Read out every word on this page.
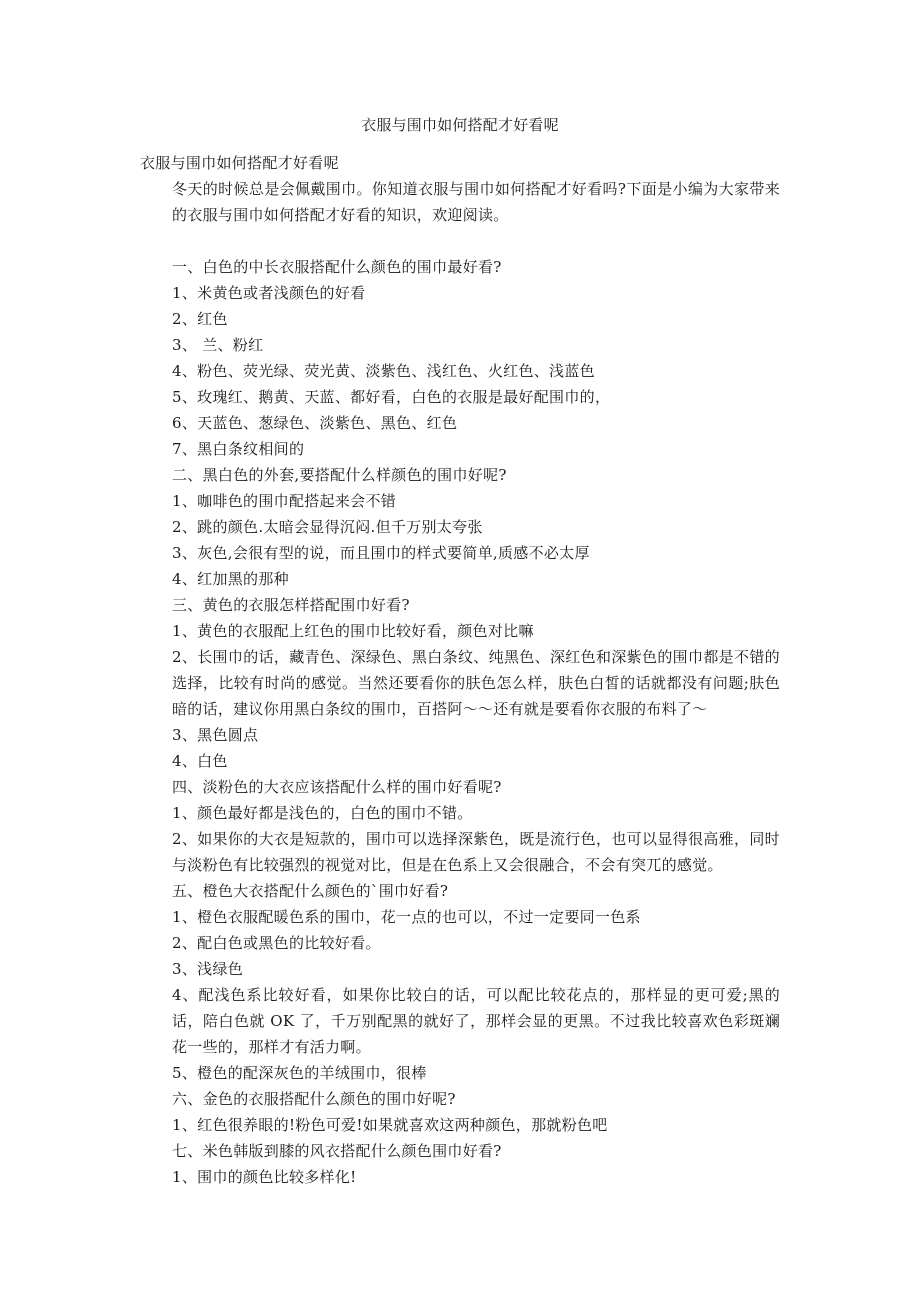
衣服与围巾如何搭配才好看呢
衣服与围巾如何搭配才好看呢
冬天的时候总是会佩戴围巾。你知道衣服与围巾如何搭配才好看吗?下面是小编为大家带来的衣服与围巾如何搭配才好看的知识，欢迎阅读。
一、白色的中长衣服搭配什么颜色的围巾最好看?
1、米黄色或者浅颜色的好看
2、红色
3、 兰、粉红
4、粉色、荧光绿、荧光黄、淡紫色、浅红色、火红色、浅蓝色
5、玫瑰红、鹅黄、天蓝、都好看，白色的衣服是最好配围巾的，
6、天蓝色、葱绿色、淡紫色、黑色、红色
7、黑白条纹相间的
二、黑白色的外套,要搭配什么样颜色的围巾好呢?
1、咖啡色的围巾配搭起来会不错
2、跳的颜色.太暗会显得沉闷.但千万别太夸张
3、灰色,会很有型的说，而且围巾的样式要简单,质感不必太厚
4、红加黑的那种
三、黄色的衣服怎样搭配围巾好看?
1、黄色的衣服配上红色的围巾比较好看，颜色对比嘛
2、长围巾的话，藏青色、深绿色、黑白条纹、纯黑色、深红色和深紫色的围巾都是不错的选择，比较有时尚的感觉。当然还要看你的肤色怎么样，肤色白皙的话就都没有问题;肤色暗的话，建议你用黑白条纹的围巾，百搭阿～～还有就是要看你衣服的布料了～
3、黑色圆点
4、白色
四、淡粉色的大衣应该搭配什么样的围巾好看呢?
1、颜色最好都是浅色的，白色的围巾不错。
2、如果你的大衣是短款的，围巾可以选择深紫色，既是流行色，也可以显得很高雅，同时与淡粉色有比较强烈的视觉对比，但是在色系上又会很融合，不会有突兀的感觉。
五、橙色大衣搭配什么颜色的`围巾好看?
1、橙色衣服配暖色系的围巾，花一点的也可以，不过一定要同一色系
2、配白色或黑色的比较好看。
3、浅绿色
4、配浅色系比较好看，如果你比较白的话，可以配比较花点的，那样显的更可爱;黑的话，陪白色就 OK 了，千万别配黑的就好了，那样会显的更黑。不过我比较喜欢色彩斑斓花一些的，那样才有活力啊。
5、橙色的配深灰色的羊绒围巾，很棒
六、金色的衣服搭配什么颜色的围巾好呢?
1、红色很养眼的!粉色可爱!如果就喜欢这两种颜色，那就粉色吧
七、米色韩版到膝的风衣搭配什么颜色围巾好看?
1、围巾的颜色比较多样化!
